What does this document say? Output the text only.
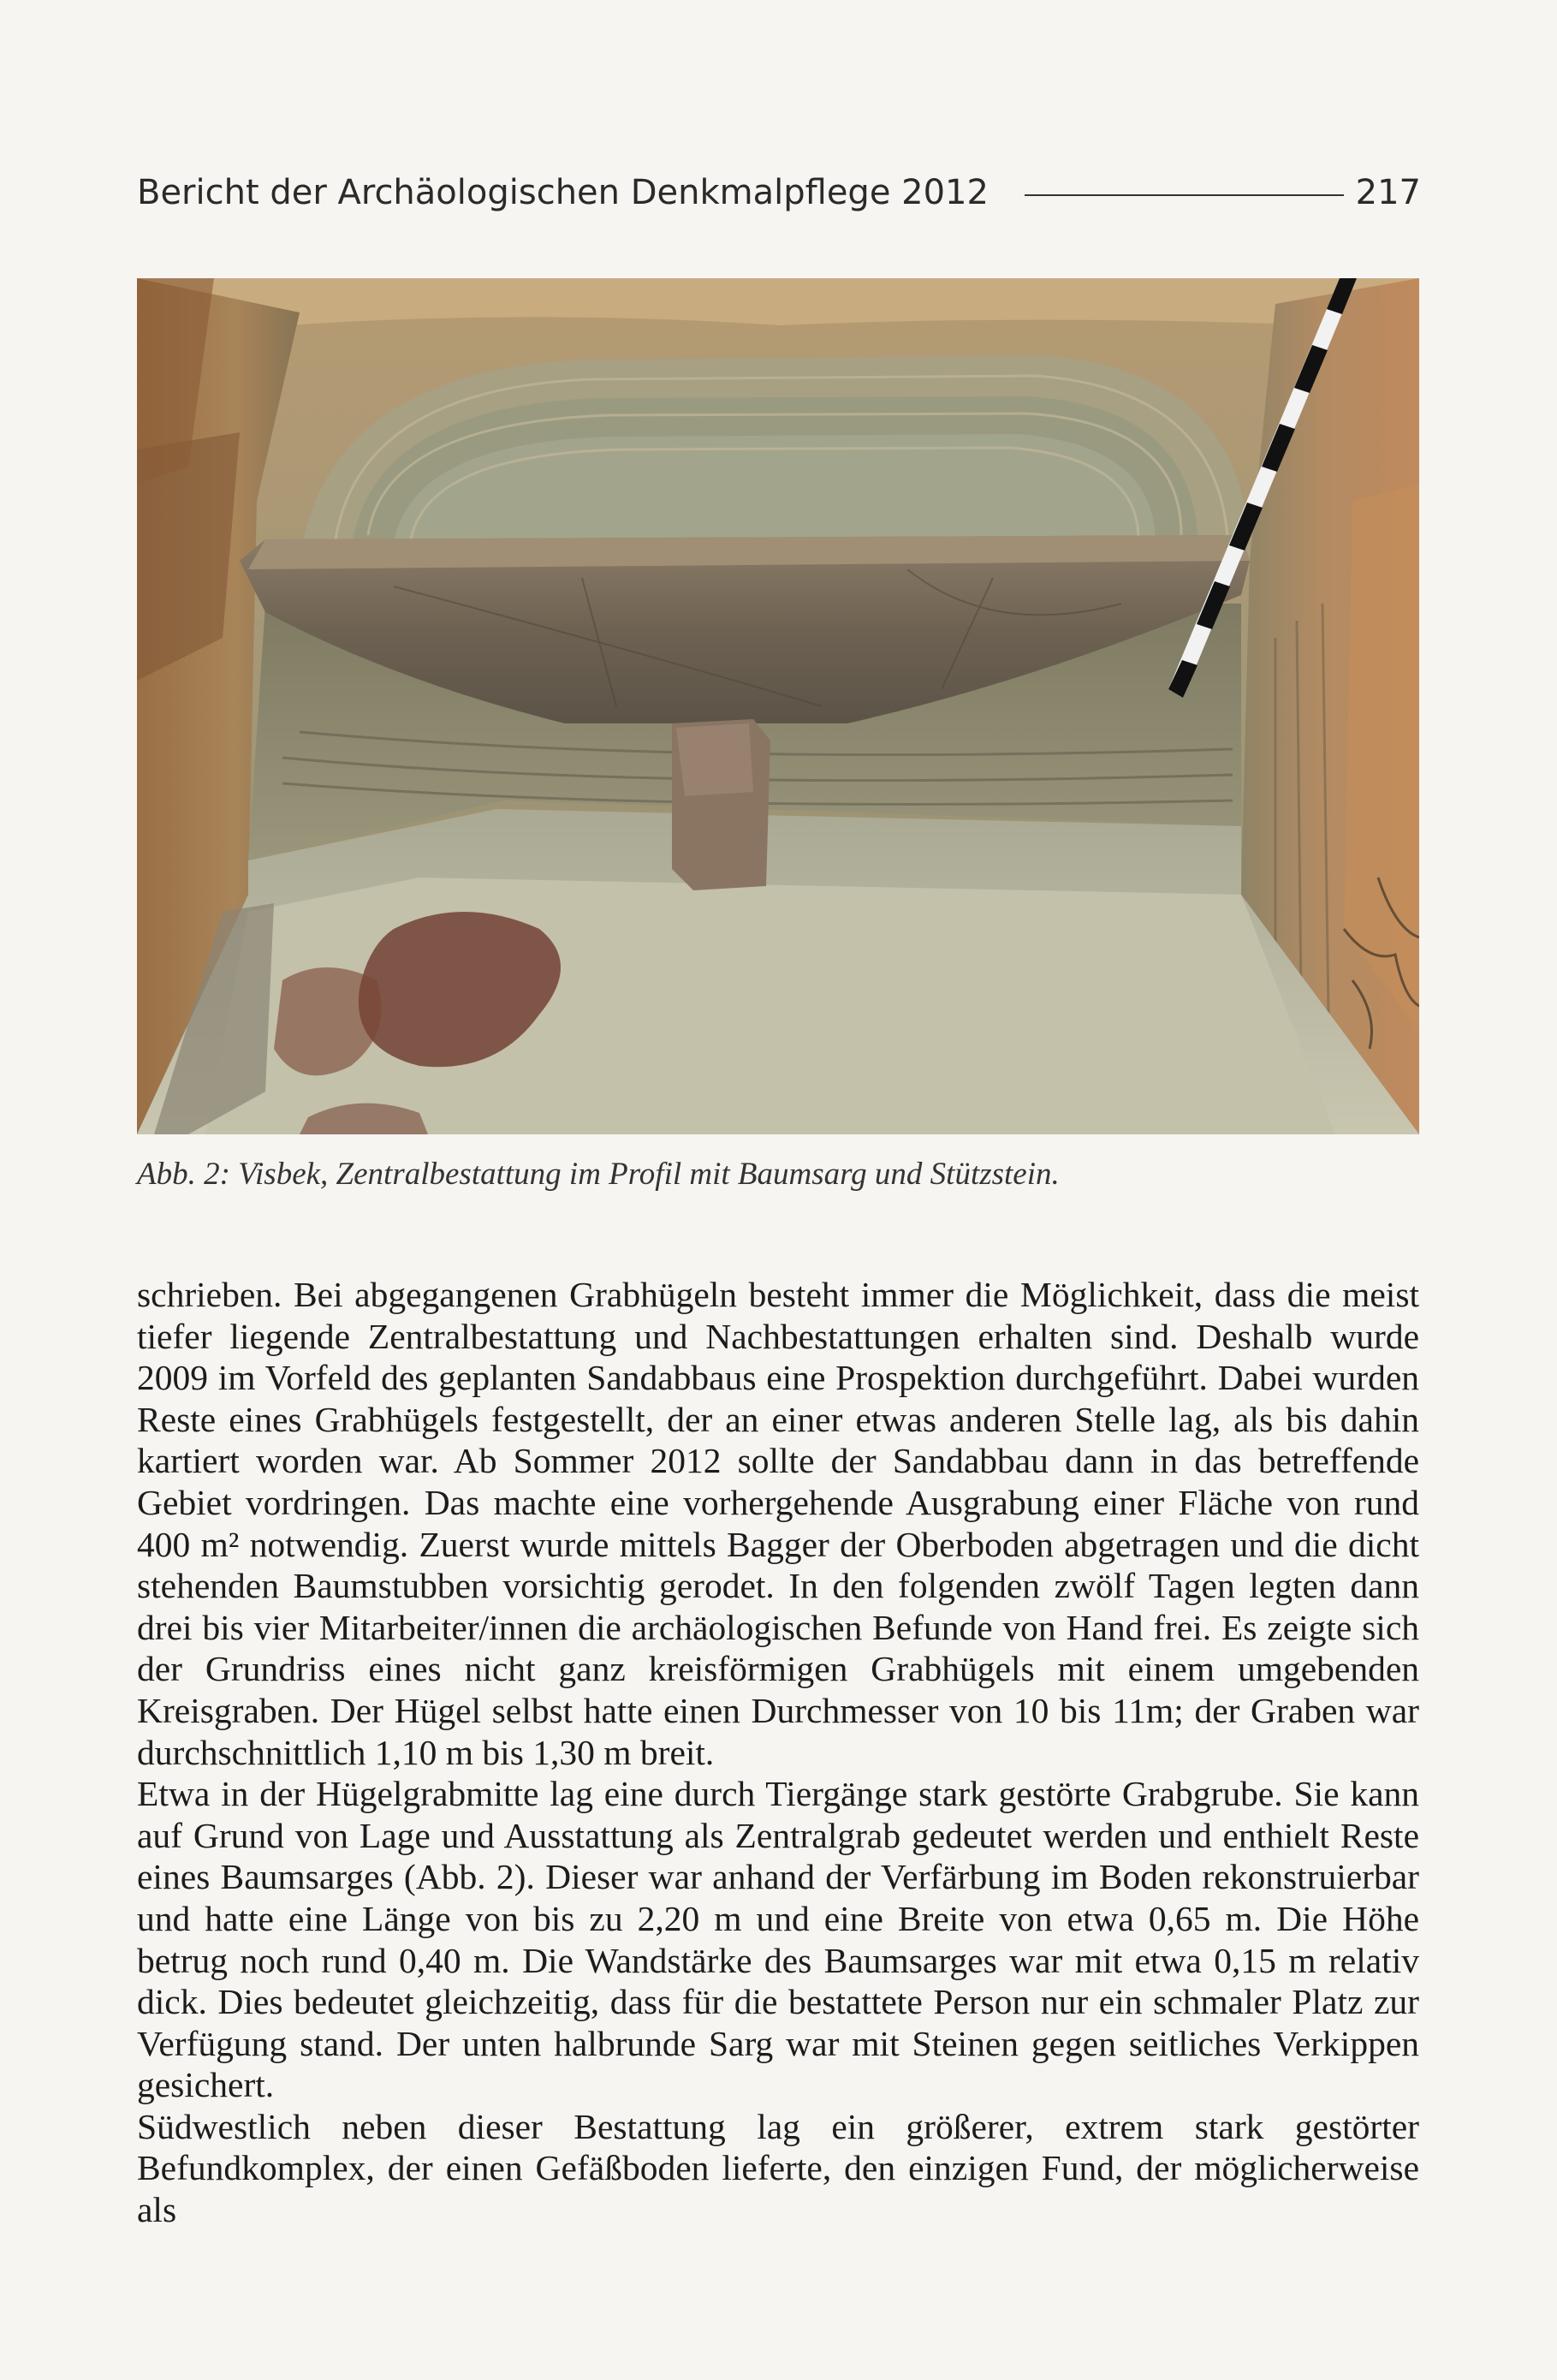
Bericht der Archäologischen Denkmalpflege 2012	217
Abb. 2: Visbek, Zentralbestattung im Profil mit Baumsarg und Stützstein.

schrieben. Bei abgegangenen Grabhügeln besteht immer die Möglichkeit, dass die meist tiefer liegende Zentralbestattung und Nachbestattungen erhalten sind. Deshalb wurde 2009 im Vorfeld des geplanten Sandabbaus eine Prospektion durchgeführt. Dabei wurden Reste eines Grabhügels festgestellt, der an einer etwas anderen Stelle lag, als bis dahin kartiert worden war. Ab Sommer 2012 sollte der Sandabbau dann in das betreffende Gebiet vordringen. Das machte eine vorhergehende Ausgrabung einer Fläche von rund 400 m² notwendig. Zuerst wurde mittels Bagger der Oberboden abgetragen und die dicht stehenden Baumstubben vorsichtig gerodet. In den folgenden zwölf Tagen legten dann drei bis vier Mitarbeiter/innen die archäologischen Befunde von Hand frei. Es zeigte sich der Grundriss eines nicht ganz kreisförmigen Grabhügels mit einem umgebenden Kreisgraben. Der Hügel selbst hatte einen Durchmesser von 10 bis 11m; der Graben war durchschnittlich 1,10 m bis 1,30 m breit.

Etwa in der Hügelgrabmitte lag eine durch Tiergänge stark gestörte Grabgrube. Sie kann auf Grund von Lage und Ausstattung als Zentralgrab gedeutet werden und enthielt Reste eines Baumsarges (Abb. 2). Dieser war anhand der Verfärbung im Boden rekonstruierbar und hatte eine Länge von bis zu 2,20 m und eine Breite von etwa 0,65 m. Die Höhe betrug noch rund 0,40 m. Die Wandstärke des Baumsarges war mit etwa 0,15 m relativ dick. Dies bedeutet gleichzeitig, dass für die bestattete Person nur ein schmaler Platz zur Verfügung stand. Der unten halbrunde Sarg war mit Steinen gegen seitliches Verkippen gesichert.

Südwestlich neben dieser Bestattung lag ein größerer, extrem stark gestörter Befundkomplex, der einen Gefäßboden lieferte, den einzigen Fund, der möglicherweise als
